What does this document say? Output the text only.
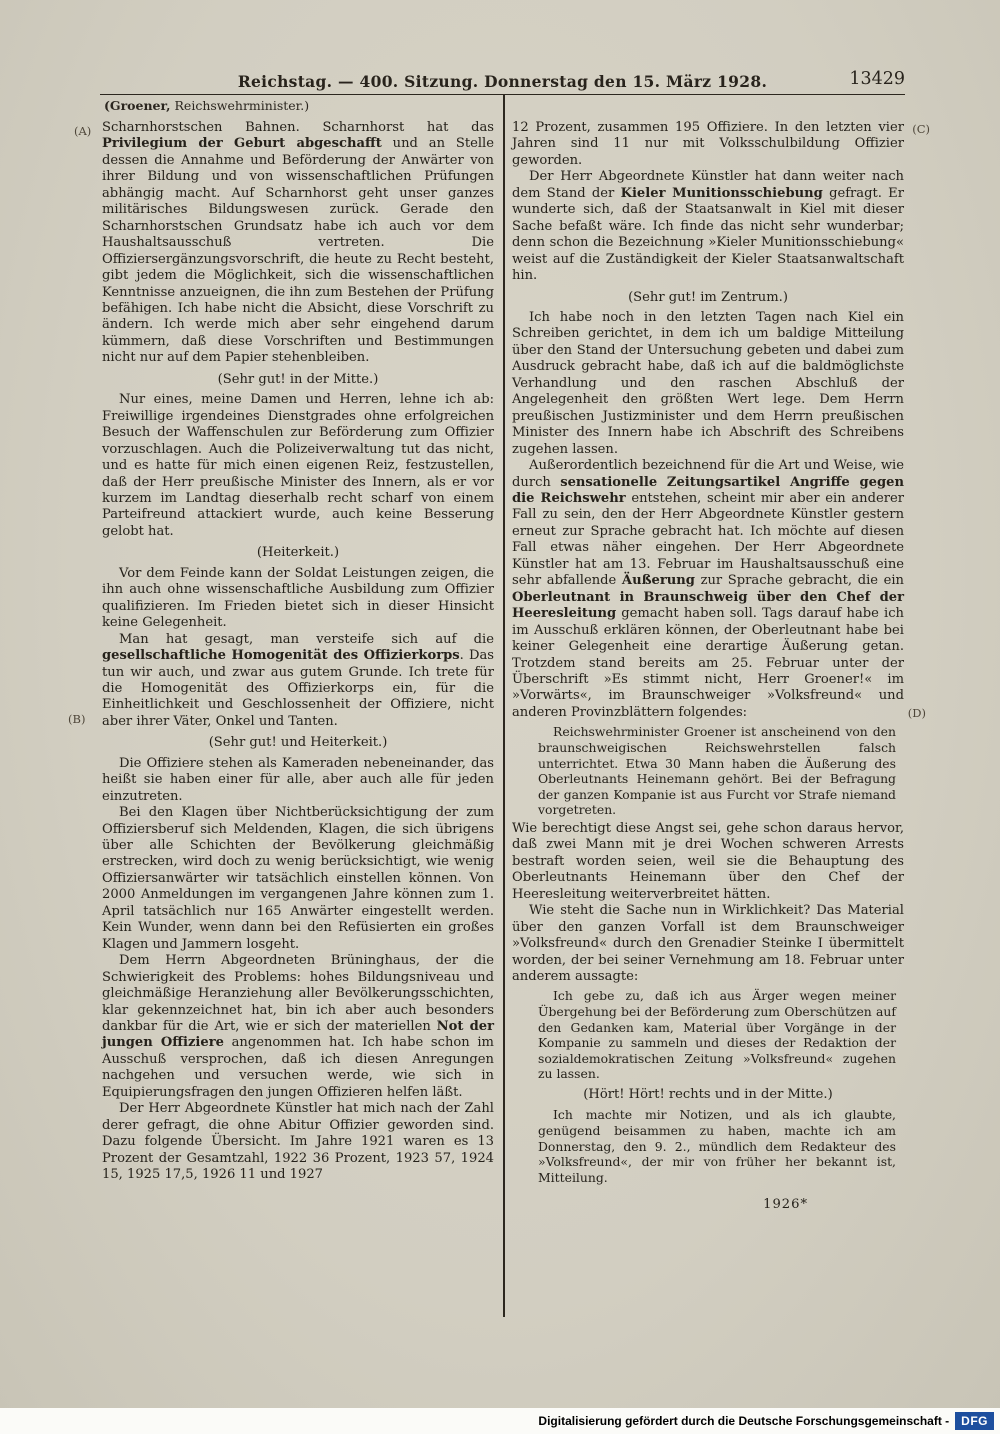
Reichstag. — 400. Sitzung. Donnerstag den 15. März 1928.	13429
(Groener, Reichswehrminister.)
(A)
(B)
(C)
(D)

Scharnhorstschen Bahnen. Scharnhorst hat das Privilegium der Geburt abgeschafft und an Stelle dessen die Annahme und Beförderung der Anwärter von ihrer Bildung und von wissenschaftlichen Prüfungen abhängig macht. Auf Scharnhorst geht unser ganzes militärisches Bildungswesen zurück. Gerade den Scharnhorstschen Grundsatz habe ich auch vor dem Haushaltsausschuß vertreten. Die Offiziersergänzungsvorschrift, die heute zu Recht besteht, gibt jedem die Möglichkeit, sich die wissenschaftlichen Kenntnisse anzueignen, die ihn zum Bestehen der Prüfung befähigen. Ich habe nicht die Absicht, diese Vorschrift zu ändern. Ich werde mich aber sehr eingehend darum kümmern, daß diese Vorschriften und Bestimmungen nicht nur auf dem Papier stehenbleiben.

(Sehr gut! in der Mitte.)

Nur eines, meine Damen und Herren, lehne ich ab: Freiwillige irgendeines Dienstgrades ohne erfolgreichen Besuch der Waffenschulen zur Beförderung zum Offizier vorzuschlagen. Auch die Polizeiverwaltung tut das nicht, und es hatte für mich einen eigenen Reiz, festzustellen, daß der Herr preußische Minister des Innern, als er vor kurzem im Landtag dieserhalb recht scharf von einem Parteifreund attackiert wurde, auch keine Besserung gelobt hat.

(Heiterkeit.)

Vor dem Feinde kann der Soldat Leistungen zeigen, die ihn auch ohne wissenschaftliche Ausbildung zum Offizier qualifizieren. Im Frieden bietet sich in dieser Hinsicht keine Gelegenheit.

Man hat gesagt, man versteife sich auf die gesellschaftliche Homogenität des Offizierkorps. Das tun wir auch, und zwar aus gutem Grunde. Ich trete für die Homogenität des Offizierkorps ein, für die Einheitlichkeit und Geschlossenheit der Offiziere, nicht aber ihrer Väter, Onkel und Tanten.

(Sehr gut! und Heiterkeit.)

Die Offiziere stehen als Kameraden nebeneinander, das heißt sie haben einer für alle, aber auch alle für jeden einzutreten.

Bei den Klagen über Nichtberücksichtigung der zum Offiziersberuf sich Meldenden, Klagen, die sich übrigens über alle Schichten der Bevölkerung gleichmäßig erstrecken, wird doch zu wenig berücksichtigt, wie wenig Offiziersanwärter wir tatsächlich einstellen können. Von 2000 Anmeldungen im vergangenen Jahre können zum 1. April tatsächlich nur 165 Anwärter eingestellt werden. Kein Wunder, wenn dann bei den Refüsierten ein großes Klagen und Jammern losgeht.

Dem Herrn Abgeordneten Brüninghaus, der die Schwierigkeit des Problems: hohes Bildungsniveau und gleichmäßige Heranziehung aller Bevölkerungsschichten, klar gekennzeichnet hat, bin ich aber auch besonders dankbar für die Art, wie er sich der materiellen Not der jungen Offiziere angenommen hat. Ich habe schon im Ausschuß versprochen, daß ich diesen Anregungen nachgehen und versuchen werde, wie sich in Equipierungsfragen den jungen Offizieren helfen läßt.

Der Herr Abgeordnete Künstler hat mich nach der Zahl derer gefragt, die ohne Abitur Offizier geworden sind. Dazu folgende Übersicht. Im Jahre 1921 waren es 13 Prozent der Gesamtzahl, 1922 36 Prozent, 1923 57, 1924 15, 1925 17,5, 1926 11 und 1927

12 Prozent, zusammen 195 Offiziere. In den letzten vier Jahren sind 11 nur mit Volksschulbildung Offizier geworden.

Der Herr Abgeordnete Künstler hat dann weiter nach dem Stand der Kieler Munitionsschiebung gefragt. Er wunderte sich, daß der Staatsanwalt in Kiel mit dieser Sache befaßt wäre. Ich finde das nicht sehr wunderbar; denn schon die Bezeichnung »Kieler Munitionsschiebung« weist auf die Zuständigkeit der Kieler Staatsanwaltschaft hin.

(Sehr gut! im Zentrum.)

Ich habe noch in den letzten Tagen nach Kiel ein Schreiben gerichtet, in dem ich um baldige Mitteilung über den Stand der Untersuchung gebeten und dabei zum Ausdruck gebracht habe, daß ich auf die baldmöglichste Verhandlung und den raschen Abschluß der Angelegenheit den größten Wert lege. Dem Herrn preußischen Justizminister und dem Herrn preußischen Minister des Innern habe ich Abschrift des Schreibens zugehen lassen.

Außerordentlich bezeichnend für die Art und Weise, wie durch sensationelle Zeitungsartikel Angriffe gegen die Reichswehr entstehen, scheint mir aber ein anderer Fall zu sein, den der Herr Abgeordnete Künstler gestern erneut zur Sprache gebracht hat. Ich möchte auf diesen Fall etwas näher eingehen. Der Herr Abgeordnete Künstler hat am 13. Februar im Haushaltsausschuß eine sehr abfallende Äußerung zur Sprache gebracht, die ein Oberleutnant in Braunschweig über den Chef der Heeresleitung gemacht haben soll. Tags darauf habe ich im Ausschuß erklären können, der Oberleutnant habe bei keiner Gelegenheit eine derartige Äußerung getan. Trotzdem stand bereits am 25. Februar unter der Überschrift »Es stimmt nicht, Herr Groener!« im »Vorwärts«, im Braunschweiger »Volksfreund« und anderen Provinzblättern folgendes:

Reichswehrminister Groener ist anscheinend von den braunschweigischen Reichswehrstellen falsch unterrichtet. Etwa 30 Mann haben die Äußerung des Oberleutnants Heinemann gehört. Bei der Befragung der ganzen Kompanie ist aus Furcht vor Strafe niemand vorgetreten.

Wie berechtigt diese Angst sei, gehe schon daraus hervor, daß zwei Mann mit je drei Wochen schweren Arrests bestraft worden seien, weil sie die Behauptung des Oberleutnants Heinemann über den Chef der Heeresleitung weiterverbreitet hätten.

Wie steht die Sache nun in Wirklichkeit? Das Material über den ganzen Vorfall ist dem Braunschweiger »Volksfreund« durch den Grenadier Steinke I übermittelt worden, der bei seiner Vernehmung am 18. Februar unter anderem aussagte:

Ich gebe zu, daß ich aus Ärger wegen meiner Übergehung bei der Beförderung zum Oberschützen auf den Gedanken kam, Material über Vorgänge in der Kompanie zu sammeln und dieses der Redaktion der sozialdemokratischen Zeitung »Volksfreund« zugehen zu lassen.

(Hört! Hört! rechts und in der Mitte.)

Ich machte mir Notizen, und als ich glaubte, genügend beisammen zu haben, machte ich am Donnerstag, den 9. 2., mündlich dem Redakteur des »Volksfreund«, der mir von früher her bekannt ist, Mitteilung.

1926*

Digitalisierung gefördert durch die Deutsche Forschungsgemeinschaft -	DFG
